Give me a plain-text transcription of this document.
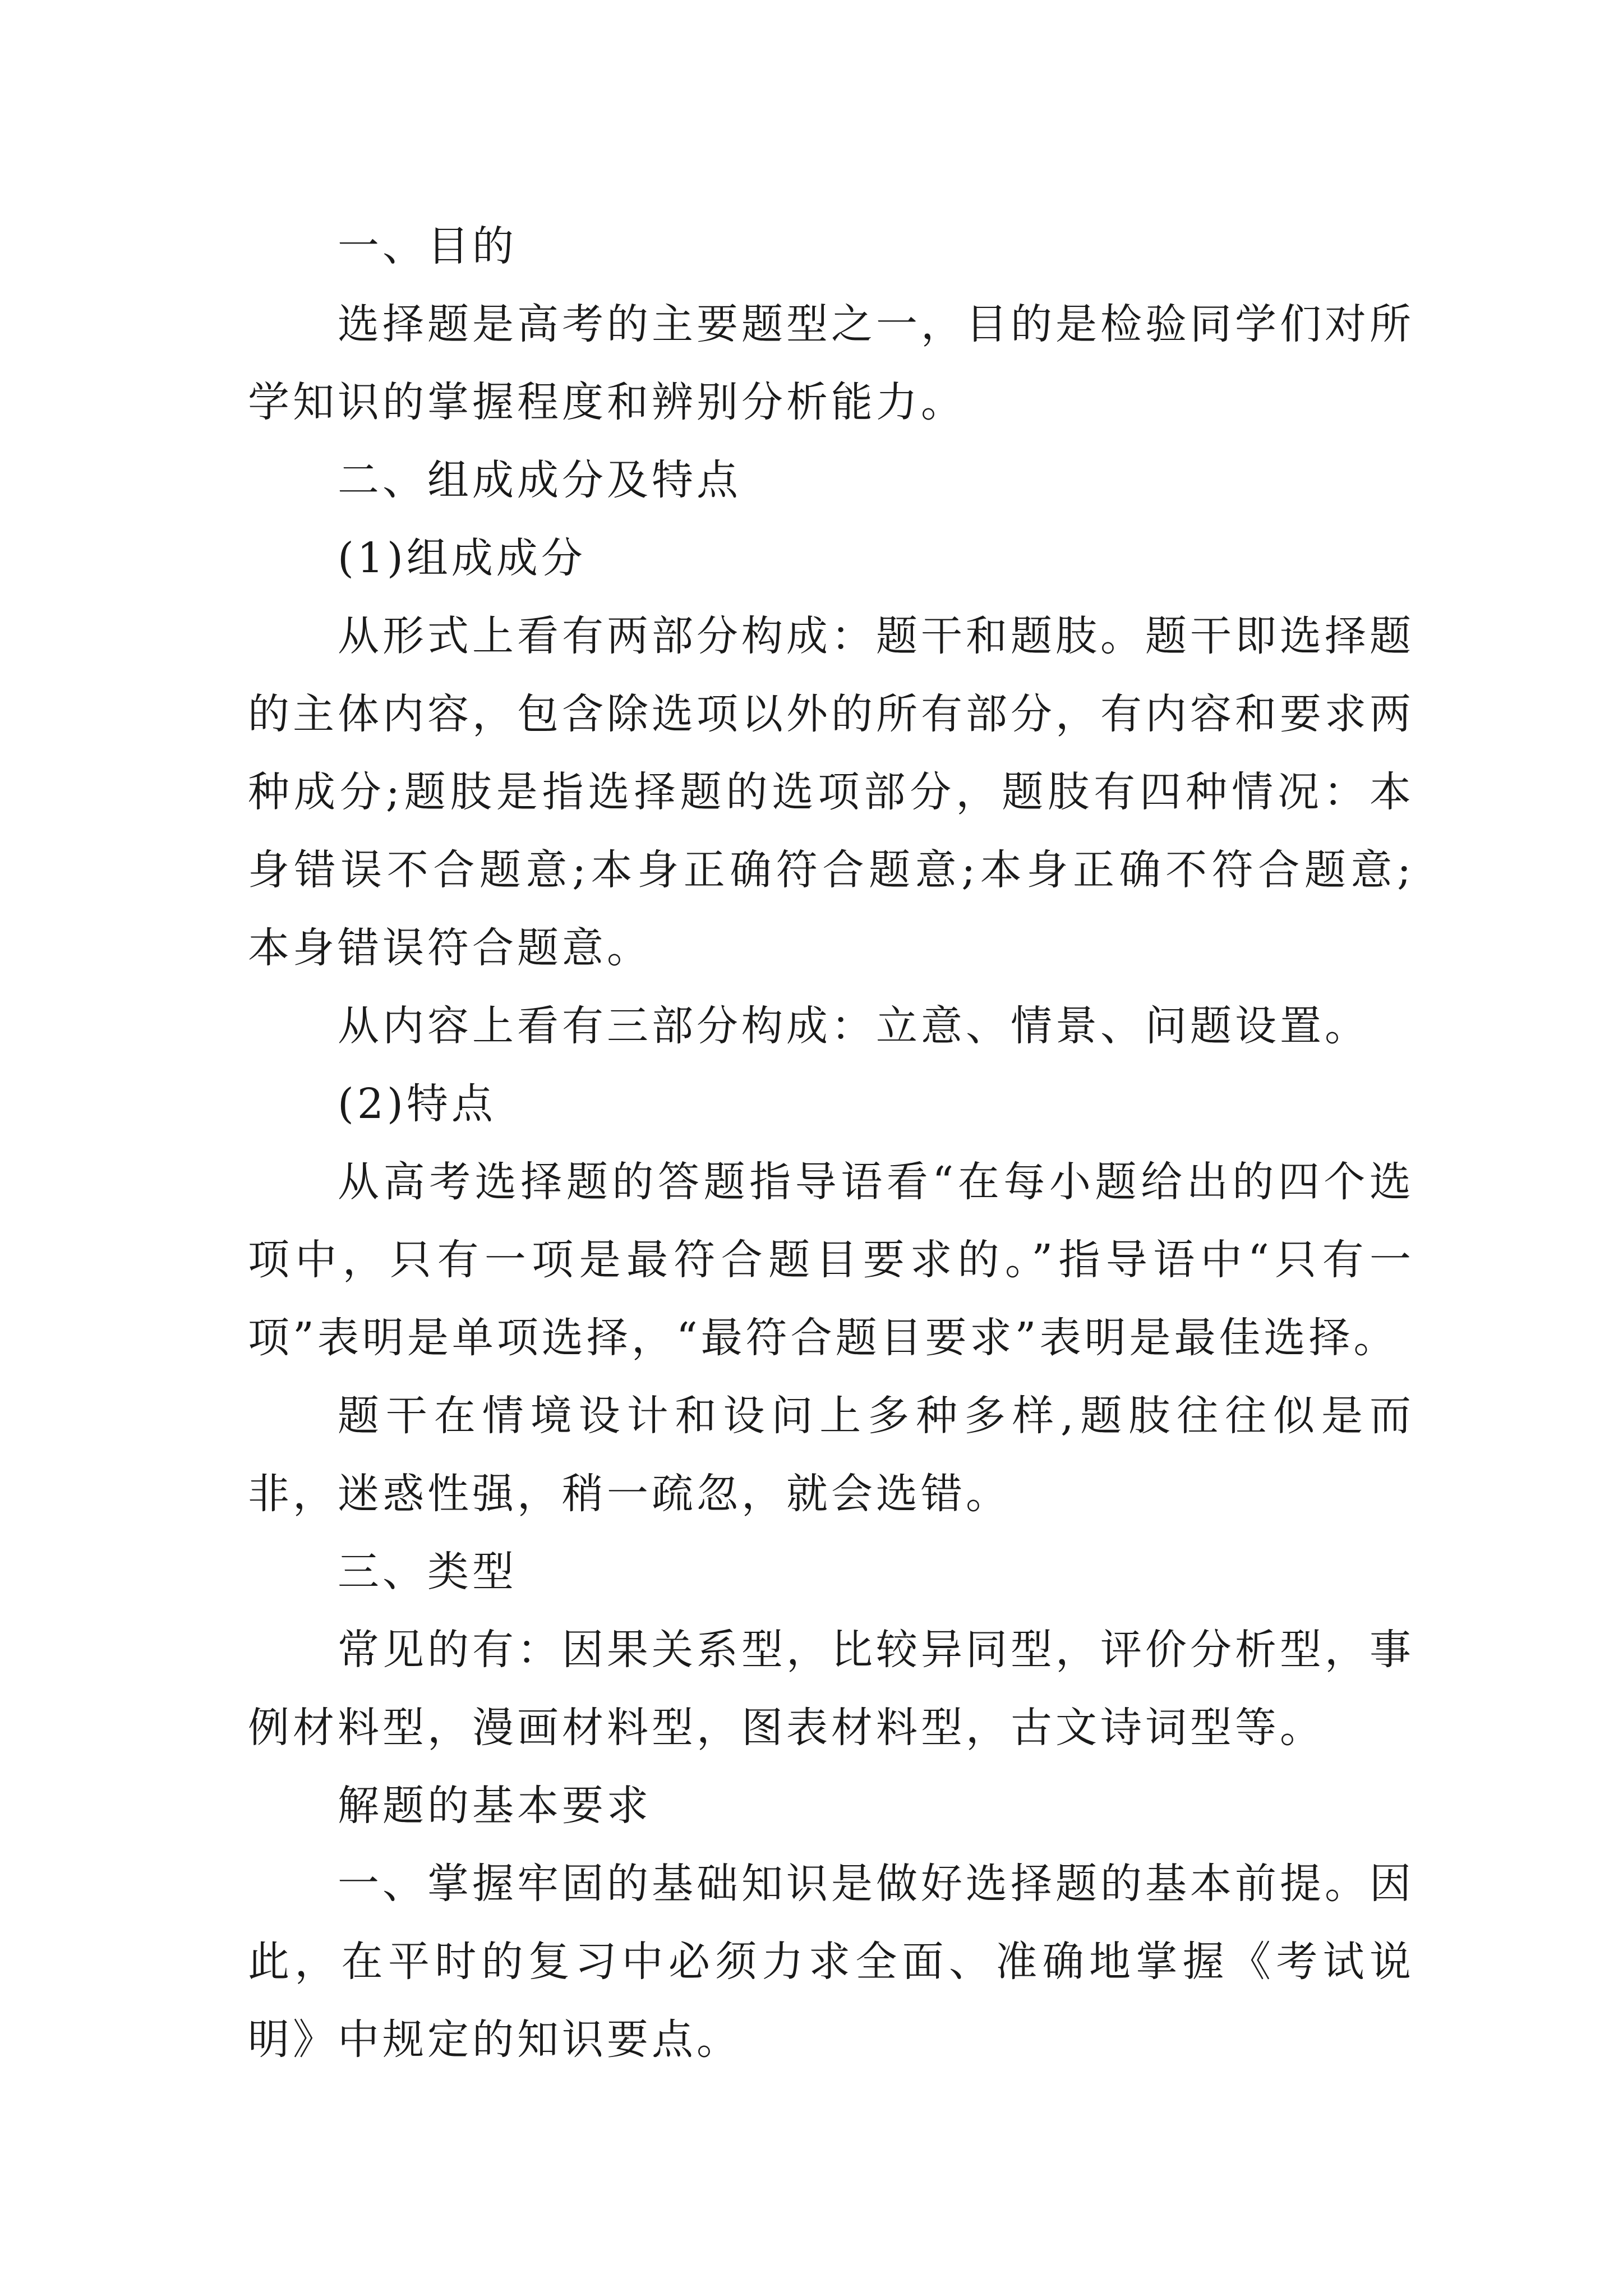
一、目的

选择题是高考的主要题型之一，目的是检验同学们对所学知识的掌握程度和辨别分析能力。

二、组成成分及特点

(1)组成成分

从形式上看有两部分构成：题干和题肢。题干即选择题的主体内容，包含除选项以外的所有部分，有内容和要求两种成分;题肢是指选择题的选项部分，题肢有四种情况：本身错误不合题意;本身正确符合题意;本身正确不符合题意;本身错误符合题意。

从内容上看有三部分构成：立意、情景、问题设置。

(2)特点

从高考选择题的答题指导语看“在每小题给出的四个选项中，只有一项是最符合题目要求的。”指导语中“只有一项”表明是单项选择，“最符合题目要求”表明是最佳选择。

题干在情境设计和设问上多种多样,题肢往往似是而非，迷惑性强，稍一疏忽，就会选错。

三、类型

常见的有：因果关系型，比较异同型，评价分析型，事例材料型，漫画材料型，图表材料型，古文诗词型等。

解题的基本要求

一、掌握牢固的基础知识是做好选择题的基本前提。因此，在平时的复习中必须力求全面、准确地掌握《考试说明》中规定的知识要点。
